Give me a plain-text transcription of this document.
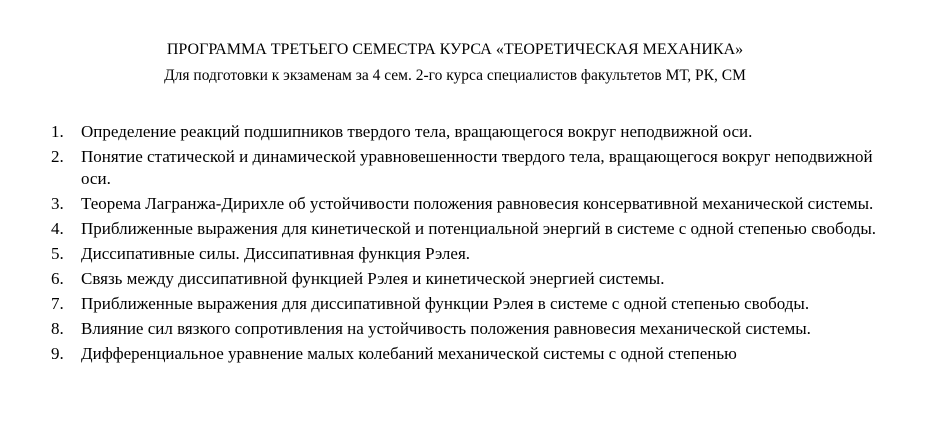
ПРОГРАММА ТРЕТЬЕГО СЕМЕСТРА КУРСА «ТЕОРЕТИЧЕСКАЯ МЕХАНИКА»
Для подготовки к экзаменам за 4 сем. 2-го курса специалистов факультетов МТ, РК, СМ
1. Определение реакций подшипников твердого тела, вращающегося вокруг неподвижной оси.
2. Понятие статической и динамической уравновешенности твердого тела, вращающегося вокруг неподвижной оси.
3. Теорема Лагранжа-Дирихле об устойчивости положения равновесия консервативной механической системы.
4. Приближенные выражения для кинетической и потенциальной энергий в системе с одной степенью свободы.
5. Диссипативные силы. Диссипативная функция Рэлея.
6. Связь между диссипативной функцией Рэлея и кинетической энергией системы.
7. Приближенные выражения для диссипативной функции Рэлея в системе с одной степенью свободы.
8. Влияние сил вязкого сопротивления на устойчивость положения равновесия механической системы.
9. Дифференциальное уравнение малых колебаний механической системы с одной степенью
